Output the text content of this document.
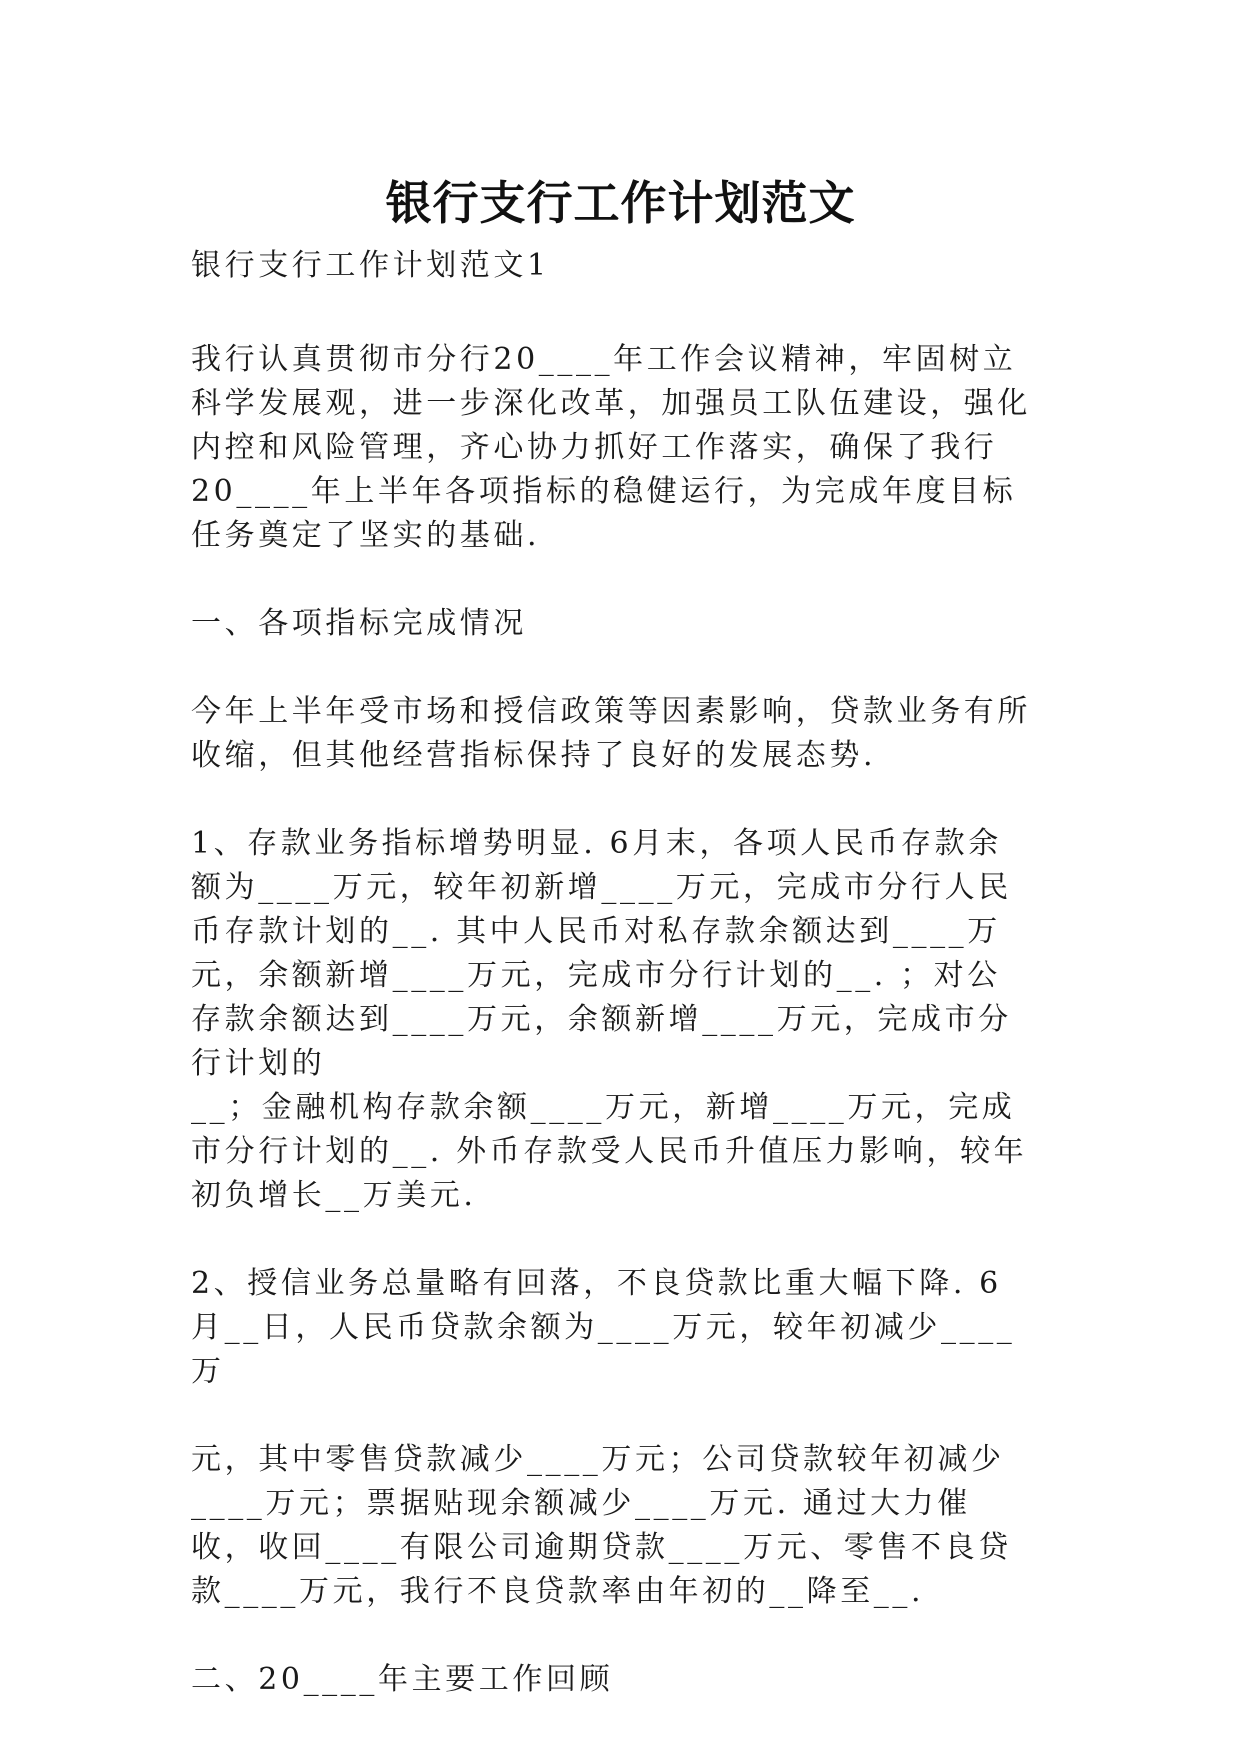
银行支行工作计划范文

银行支行工作计划范文1

我行认真贯彻市分行20____年工作会议精神，牢固树立科学发展观，进一步深化改革，加强员工队伍建设，强化内控和风险管理，齐心协力抓好工作落实，确保了我行
20____年上半年各项指标的稳健运行，为完成年度目标任务奠定了坚实的基础.

一、各项指标完成情况

今年上半年受市场和授信政策等因素影响，贷款业务有所收缩，但其他经营指标保持了良好的发展态势.

1、存款业务指标增势明显. 6月末，各项人民币存款余额为____万元，较年初新增____万元，完成市分行人民币存款计划的__. 其中人民币对私存款余额达到____万元，余额新增____万元，完成市分行计划的__. ；对公存款余额达到____万元，余额新增____万元，完成市分行计划的
__；金融机构存款余额____万元，新增____万元，完成市分行计划的__. 外币存款受人民币升值压力影响，较年初负增长__万美元.

2、授信业务总量略有回落，不良贷款比重大幅下降. 6月__日，人民币贷款余额为____万元，较年初减少____万

元，其中零售贷款减少____万元；公司贷款较年初减少
____万元；票据贴现余额减少____万元. 通过大力催收，收回____有限公司逾期贷款____万元、零售不良贷款____万元，我行不良贷款率由年初的__降至__.

二、20____年主要工作回顾
